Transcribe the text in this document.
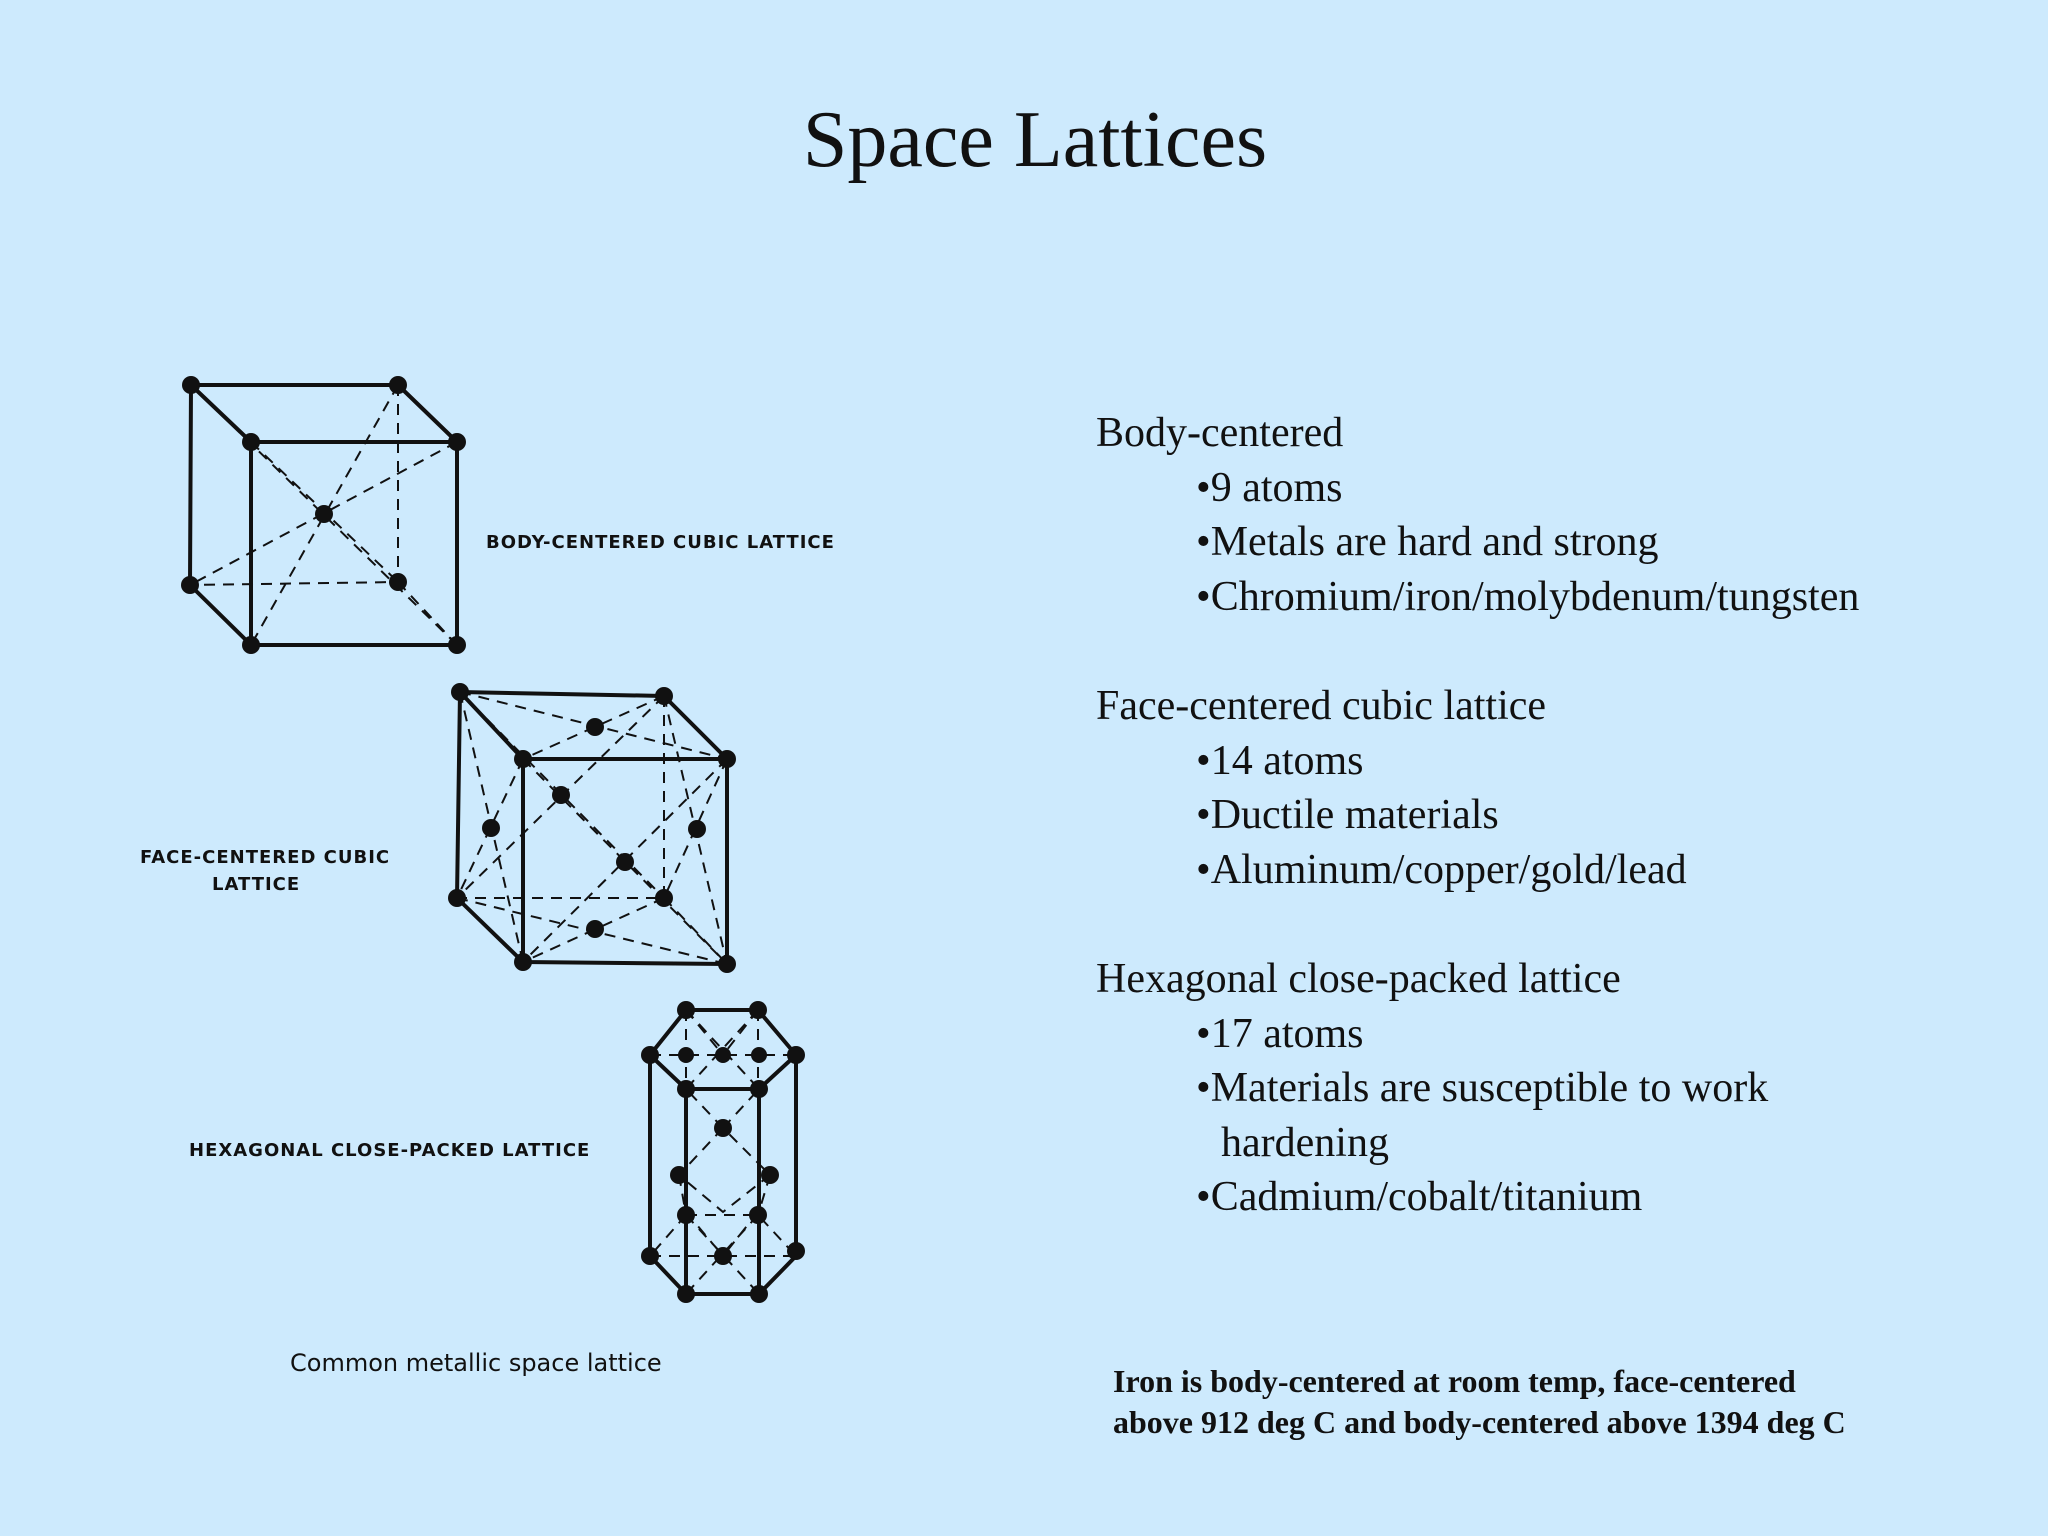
Space Lattices
BODY-CENTERED CUBIC LATTICE
FACE-CENTERED CUBIC
LATTICE
HEXAGONAL CLOSE-PACKED LATTICE
Common metallic space lattice
Body-centered
•9 atoms
•Metals are hard and strong
•Chromium/iron/molybdenum/tungsten
Face-centered cubic lattice
•14 atoms
•Ductile materials
•Aluminum/copper/gold/lead
Hexagonal close-packed lattice
•17 atoms
•Materials are susceptible to work
hardening
•Cadmium/cobalt/titanium
Iron is body-centered at room temp, face-centered
above 912 deg C and body-centered above 1394 deg C
